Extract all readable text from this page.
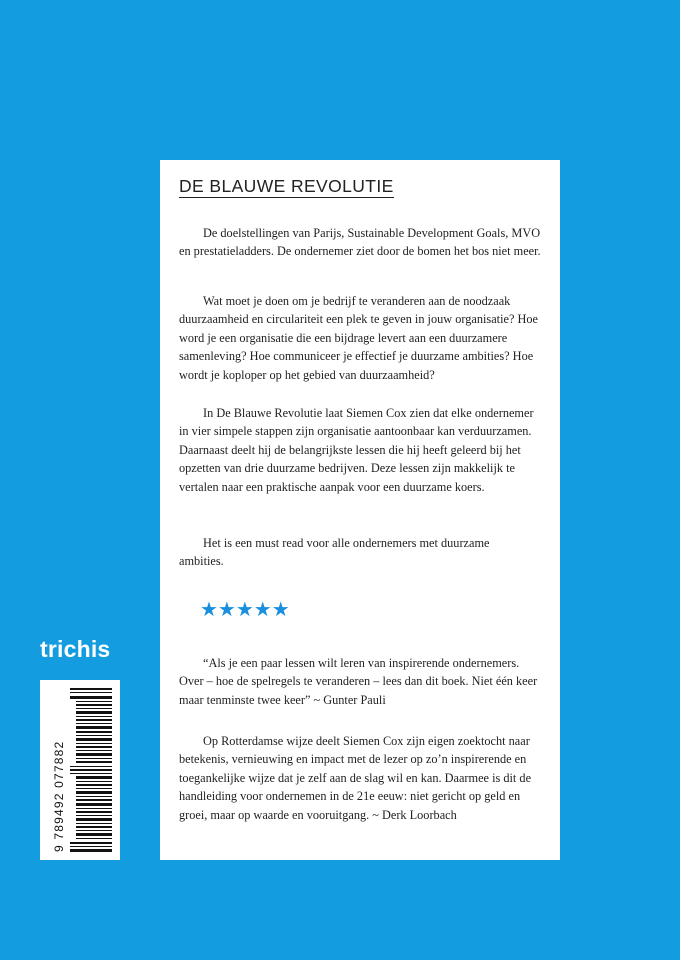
DE BLAUWE REVOLUTIE

De doelstellingen van Parijs, Sustainable Development Goals, MVO en prestatieladders. De ondernemer ziet door de bomen het bos niet meer.

Wat moet je doen om je bedrijf te veranderen aan de noodzaak duurzaamheid en circulariteit een plek te geven in jouw organisatie? Hoe word je een organisatie die een bijdrage levert aan een duurzamere samenleving? Hoe communiceer je effectief je duurzame ambities? Hoe wordt je koploper op het gebied van duurzaamheid?

In De Blauwe Revolutie laat Siemen Cox zien dat elke ondernemer in vier simpele stappen zijn organisatie aantoonbaar kan verduurzamen. Daarnaast deelt hij de belangrijkste lessen die hij heeft geleerd bij het opzetten van drie duurzame bedrijven. Deze lessen zijn makkelijk te vertalen naar een praktische aanpak voor een duurzame koers.

Het is een must read voor alle ondernemers met duurzame ambities.

★★★★★

“Als je een paar lessen wilt leren van inspirerende ondernemers. Over – hoe de spelregels te veranderen – lees dan dit boek. Niet één keer maar tenminste twee keer” ~ Gunter Pauli

Op Rotterdamse wijze deelt Siemen Cox zijn eigen zoektocht naar betekenis, vernieuwing en impact met de lezer op zo’n inspirerende en toegankelijke wijze dat je zelf aan de slag wil en kan. Daarmee is dit de handleiding voor ondernemen in de 21e eeuw: niet gericht op geld en groei, maar op waarde en vooruitgang. ~ Derk Loorbach

trichis
9 789492 077882
